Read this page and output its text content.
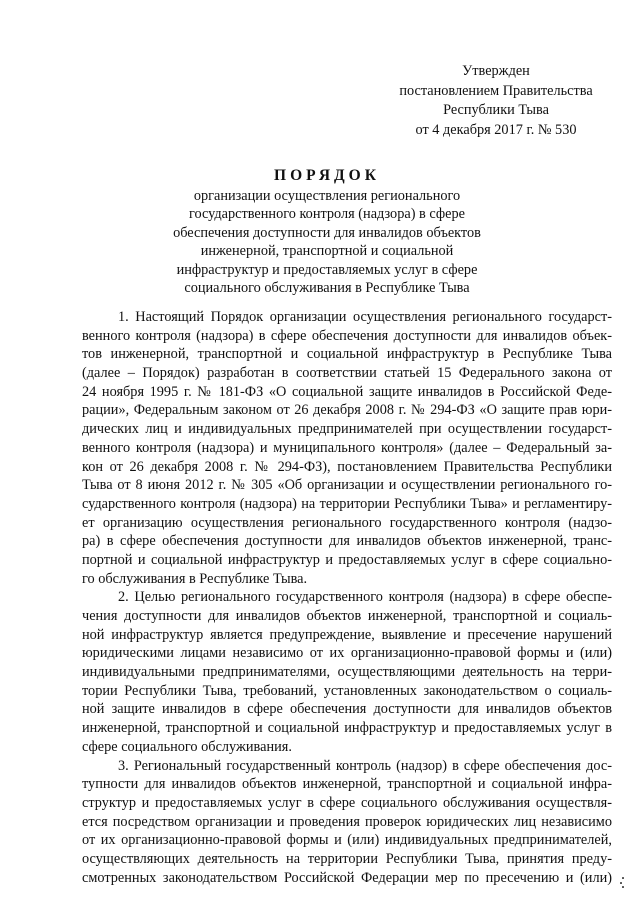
Утвержден
постановлением Правительства
Республики Тыва
от 4 декабря 2017 г. № 530
ПОРЯДОК
организации осуществления регионального
государственного контроля (надзора) в сфере
обеспечения доступности для инвалидов объектов
инженерной, транспортной и социальной
инфраструктур и предоставляемых услуг в сфере
социального обслуживания в Республике Тыва
1. Настоящий Порядок организации осуществления регионального государст-
венного контроля (надзора) в сфере обеспечения доступности для инвалидов объек-
тов инженерной, транспортной и социальной инфраструктур в Республике Тыва
(далее – Порядок) разработан в соответствии статьей 15 Федерального закона от
24 ноября 1995 г. № 181-ФЗ «О социальной защите инвалидов в Российской Феде-
рации», Федеральным законом от 26 декабря 2008 г. № 294-ФЗ «О защите прав юри-
дических лиц и индивидуальных предпринимателей при осуществлении государст-
венного контроля (надзора) и муниципального контроля» (далее – Федеральный за-
кон от 26 декабря 2008 г. № 294-ФЗ), постановлением Правительства Республики
Тыва от 8 июня 2012 г. № 305 «Об организации и осуществлении регионального го-
сударственного контроля (надзора) на территории Республики Тыва» и регламентиру-
ет организацию осуществления регионального государственного контроля (надзо-
ра) в сфере обеспечения доступности для инвалидов объектов инженерной, транс-
портной и социальной инфраструктур и предоставляемых услуг в сфере социально-
го обслуживания в Республике Тыва.
2. Целью регионального государственного контроля (надзора) в сфере обеспе-
чения доступности для инвалидов объектов инженерной, транспортной и социаль-
ной инфраструктур является предупреждение, выявление и пресечение нарушений
юридическими лицами независимо от их организационно-правовой формы и (или)
индивидуальными предпринимателями, осуществляющими деятельность на терри-
тории Республики Тыва, требований, установленных законодательством о социаль-
ной защите инвалидов в сфере обеспечения доступности для инвалидов объектов
инженерной, транспортной и социальной инфраструктур и предоставляемых услуг в
сфере социального обслуживания.
3. Региональный государственный контроль (надзор) в сфере обеспечения дос-
тупности для инвалидов объектов инженерной, транспортной и социальной инфра-
структур и предоставляемых услуг в сфере социального обслуживания осуществля-
ется посредством организации и проведения проверок юридических лиц независимо
от их организационно-правовой формы и (или) индивидуальных предпринимателей,
осуществляющих деятельность на территории Республики Тыва, принятия преду-
смотренных законодательством Российской Федерации мер по пресечению и (или)
